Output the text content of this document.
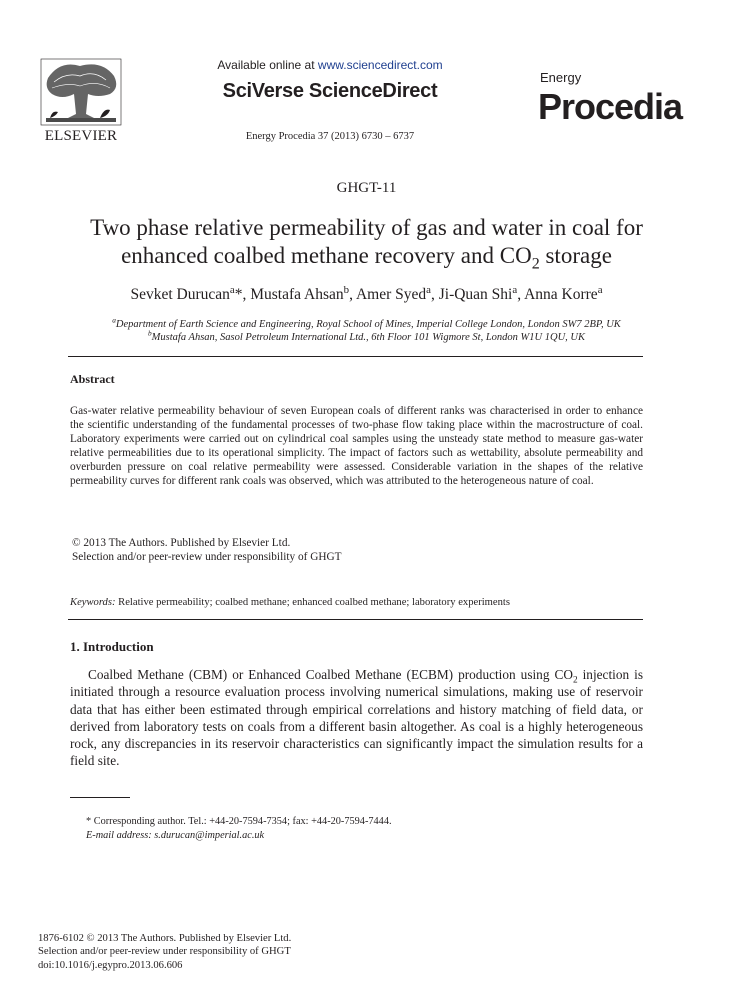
ELSEVIER
Available online at www.sciencedirect.com
SciVerse ScienceDirect
Energy Procedia 37 (2013) 6730 – 6737
Energy
Procedia
GHGT-11
Two phase relative permeability of gas and water in coal for
enhanced coalbed methane recovery and $CO_2$ storage
Sevket Durucan$^a$*, Mustafa Ahsan$^b$, Amer Syed$^a$, Ji-Quan Shi$^a$, Anna Korre$^a$
$^a$Department of Earth Science and Engineering, Royal School of Mines, Imperial College London, London SW7 2BP, UK
$^b$Mustafa Ahsan, Sasol Petroleum International Ltd., 6th Floor 101 Wigmore St, London W1U 1QU, UK
Abstract
Gas-water relative permeability behaviour of seven European coals of different ranks was characterised in order to enhance the scientific understanding of the fundamental processes of two-phase flow taking place within the macrostructure of coal. Laboratory experiments were carried out on cylindrical coal samples using the unsteady state method to measure gas-water relative permeabilities due to its operational simplicity. The impact of factors such as wettability, absolute permeability and overburden pressure on coal relative permeability were assessed. Considerable variation in the shapes of the relative permeability curves for different rank coals was observed, which was attributed to the heterogeneous nature of coal.
© 2013 The Authors. Published by Elsevier Ltd.
Selection and/or peer-review under responsibility of GHGT
Keywords: Relative permeability; coalbed methane; enhanced coalbed methane; laboratory experiments
1. Introduction
Coalbed Methane (CBM) or Enhanced Coalbed Methane (ECBM) production using $CO_2$ injection is initiated through a resource evaluation process involving numerical simulations, making use of reservoir data that has either been estimated through empirical correlations and history matching of field data, or derived from laboratory tests on coals from a different basin altogether. As coal is a highly heterogeneous rock, any discrepancies in its reservoir characteristics can significantly impact the simulation results for a field site.
* Corresponding author. Tel.: +44-20-7594-7354; fax: +44-20-7594-7444.
E-mail address: s.durucan@imperial.ac.uk
1876-6102 © 2013 The Authors. Published by Elsevier Ltd.
Selection and/or peer-review under responsibility of GHGT
doi:10.1016/j.egypro.2013.06.606
